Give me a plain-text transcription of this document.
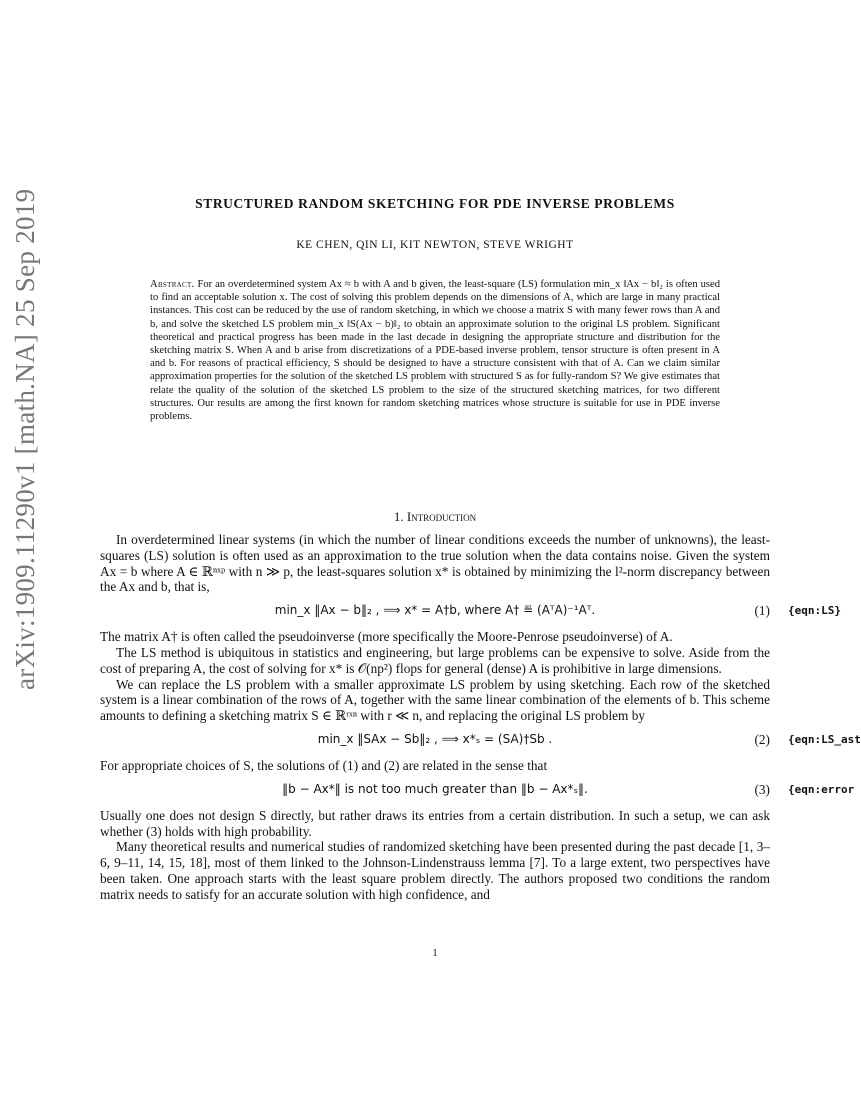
arXiv:1909.11290v1 [math.NA] 25 Sep 2019	STRUCTURED RANDOM SKETCHING FOR PDE INVERSE PROBLEMS
KE CHEN, QIN LI, KIT NEWTON, STEVE WRIGHT
Abstract. For an overdetermined system Ax ≈ b with A and b given, the least-square (LS) formulation min_x ‖Ax − b‖₂ is often used to find an acceptable solution x. The cost of solving this problem depends on the dimensions of A, which are large in many practical instances. This cost can be reduced by the use of random sketching, in which we choose a matrix S with many fewer rows than A and b, and solve the sketched LS problem min_x ‖S(Ax − b)‖₂ to obtain an approximate solution to the original LS problem. Significant theoretical and practical progress has been made in the last decade in designing the appropriate structure and distribution for the sketching matrix S. When A and b arise from discretizations of a PDE-based inverse problem, tensor structure is often present in A and b. For reasons of practical efficiency, S should be designed to have a structure consistent with that of A. Can we claim similar approximation properties for the solution of the sketched LS problem with structured S as for fully-random S? We give estimates that relate the quality of the solution of the sketched LS problem to the size of the structured sketching matrices, for two different structures. Our results are among the first known for random sketching matrices whose structure is suitable for use in PDE inverse problems.
1. Introduction

In overdetermined linear systems (in which the number of linear conditions exceeds the number of unknowns), the least-squares (LS) solution is often used as an approximation to the true solution when the data contains noise. Given the system Ax = b where A ∈ ℝⁿˣᵖ with n ≫ p, the least-squares solution x* is obtained by minimizing the l²-norm discrepancy between the Ax and b, that is,

min_x ‖Ax − b‖₂ , ⟹ x* = A†b, where A† ≝ (AᵀA)⁻¹Aᵀ.	(1) {eqn:LS}

The matrix A† is often called the pseudoinverse (more specifically the Moore-Penrose pseudoinverse) of A.

The LS method is ubiquitous in statistics and engineering, but large problems can be expensive to solve. Aside from the cost of preparing A, the cost of solving for x* is 𝒪(np²) flops for general (dense) A is prohibitive in large dimensions.

We can replace the LS problem with a smaller approximate LS problem by using sketching. Each row of the sketched system is a linear combination of the rows of A, together with the same linear combination of the elements of b. This scheme amounts to defining a sketching matrix S ∈ ℝʳˣⁿ with r ≪ n, and replacing the original LS problem by

min_x ‖SAx − Sb‖₂ , ⟹ x*ₛ = (SA)†Sb .	(2) {eqn:LS_ast

For appropriate choices of S, the solutions of (1) and (2) are related in the sense that

‖b − Ax*‖ is not too much greater than ‖b − Ax*ₛ‖.	(3) {eqn:error

Usually one does not design S directly, but rather draws its entries from a certain distribution. In such a setup, we can ask whether (3) holds with high probability.

Many theoretical results and numerical studies of randomized sketching have been presented during the past decade [1, 3–6, 9–11, 14, 15, 18], most of them linked to the Johnson-Lindenstrauss lemma [7]. To a large extent, two perspectives have been taken. One approach starts with the least square problem directly. The authors proposed two conditions the random matrix needs to satisfy for an accurate solution with high confidence, and

1
